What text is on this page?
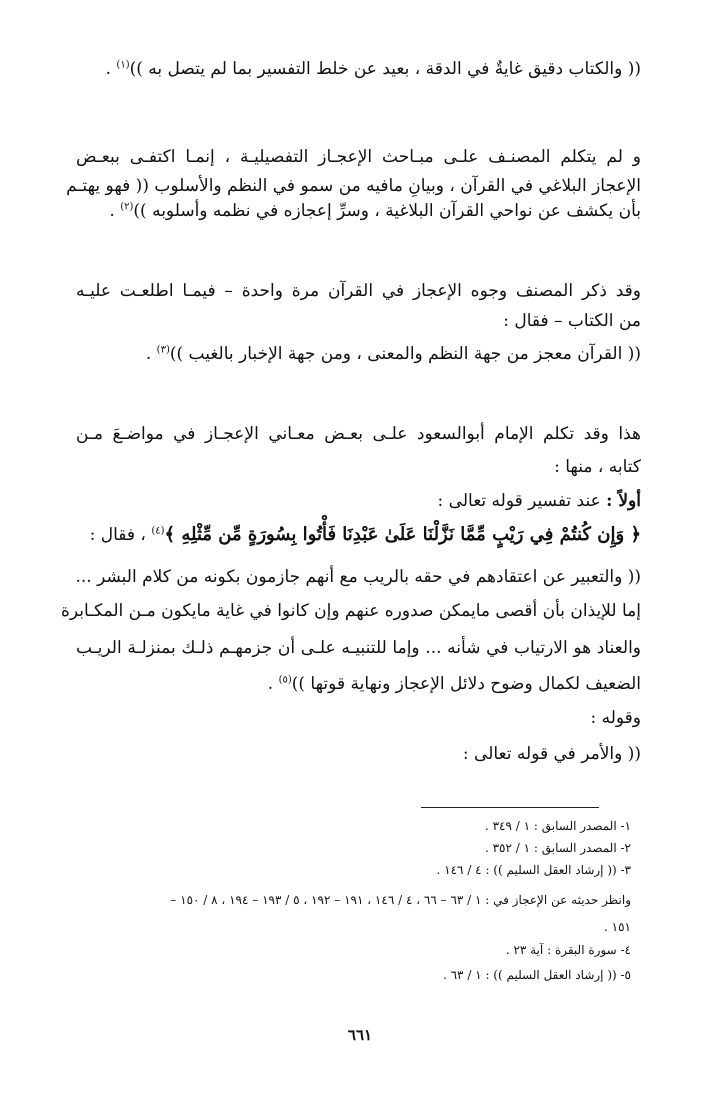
(( والكتاب دقيق غايةٌ في الدقة ، بعيد عن خلط التفسير بما لم يتصل به ))$^{(١)}$ .
و لم يتكلم المصنـف علـى مبـاحث الإعجـاز التفصيليـة ، إنمـا اكتفـى ببعـض
الإعجاز البلاغي في القرآن ، وبيانِ مافيه من سمو في النظم والأسلوب (( فهو يهتـم
بأن يكشف عن نواحي القرآن البلاغية ، وسرِّ إعجازه في نظمه وأسلوبه ))$^{(٢)}$ .
وقد ذكر المصنف وجوه الإعجاز في القرآن مرة واحدة – فيمـا اطلعـت عليـه
من الكتاب – فقال :
(( القرآن معجز من جهة النظم والمعنى ، ومن جهة الإخبار بالغيب ))$^{(٣)}$ .
هذا وقد تكلم الإمام أبوالسعود علـى بعـض معـاني الإعجـاز في مواضـعَ مـن
كتابه ، منها :
أولاً : عند تفسير قوله تعالى :
﴿ وَإِن كُنتُمْ فِي رَيْبٍ مِّمَّا نَزَّلْنَا عَلَىٰ عَبْدِنَا فَأْتُوا بِسُورَةٍ مِّن مِّثْلِهِ ﴾$^{(٤)}$ ، فقال :
(( والتعبير عن اعتقادهم في حقه بالريب مع أنهم جازمون بكونه من كلام البشر ...
إما للإيذان بأن أقصى مايمكن صدوره عنهم وإن كانوا في غاية مايكون مـن المكـابرة
والعناد هو الارتياب في شأنه ... وإما للتنبيـه علـى أن جزمهـم ذلـك بمنزلـة الريـب
الضعيف لكمال وضوح دلائل الإعجاز ونهاية قوتها ))$^{(٥)}$ .
وقوله :
(( والأمر في قوله تعالى :
١- المصدر السابق : ١ / ٣٤٩ .
٢- المصدر السابق : ١ / ٣٥٢ .
٣- (( إرشاد العقل السليم )) : ٤ / ١٤٦ .
وانظر حديثه عن الإعجاز في : ١ / ٦٣ – ٦٦ ، ٤ / ١٤٦ ، ١٩١ – ١٩٢ ، ٥ / ١٩٣ – ١٩٤ ، ٨ / ١٥٠ –
١٥١ .
٤- سورة البقرة : آية ٢٣ .
٥- (( إرشاد العقل السليم )) : ١ / ٦٣ .
٦٦١
